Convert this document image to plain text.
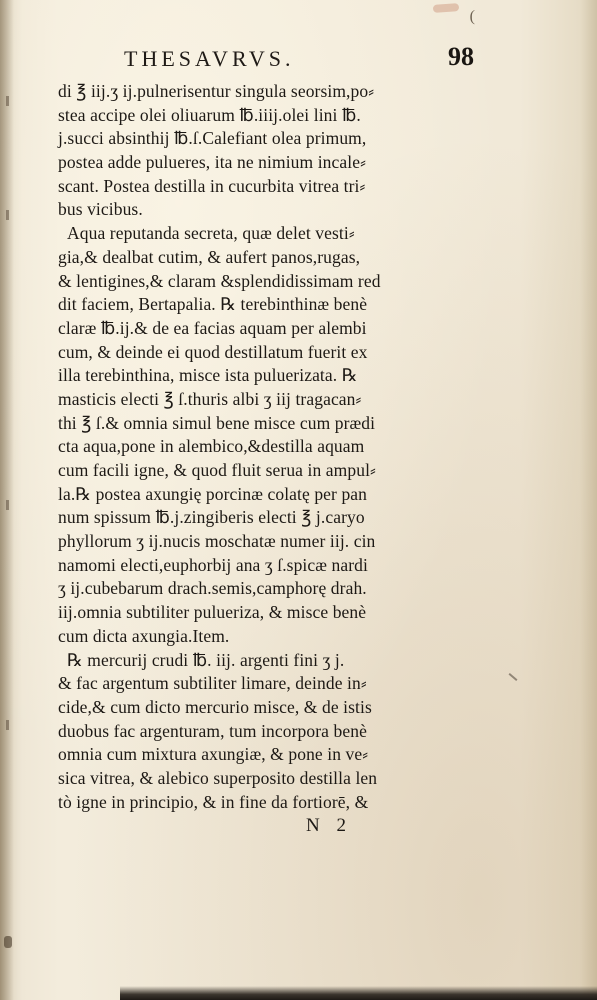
(
THESAVRVS.	98
di ℥ iij.ʒ ij.pulnerisentur singula seorsim,po⸗
stea accipe olei oliuarum ℔.iiij.olei lini ℔.
j.succi absinthij ℔.ſ.Calefiant olea primum,
postea adde pulueres, ita ne nimium incale⸗
scant. Postea destilla in cucurbita vitrea tri⸗
bus vicibus.
Aqua reputanda secreta, quæ delet vesti⸗
gia,& dealbat cutim, & aufert panos,rugas,
& lentigines,& claram &splendidissimam red
dit faciem, Bertapalia. ℞ terebinthinæ benè
claræ ℔.ij.& de ea facias aquam per alembi
cum, & deinde ei quod destillatum fuerit ex
illa terebinthina, misce ista puluerizata. ℞
masticis electi ℥ ſ.thuris albi ʒ iij tragacan⸗
thi ℥ ſ.& omnia simul bene misce cum prædi
cta aqua,pone in alembico,&destilla aquam
cum facili igne, & quod fluit serua in ampul⸗
la.℞ postea axungię porcinæ colatę per pan
num spissum ℔.j.zingiberis electi ℥ j.caryo
phyllorum ʒ ij.nucis moschatæ numer iij. cin
namomi electi,euphorbij ana ʒ ſ.spicæ nardi
ʒ ij.cubebarum drach.semis,camphorę drah.
iij.omnia subtiliter pulueriza, & misce benè
cum dicta axungia.Item.
℞ mercurij crudi ℔. iij. argenti fini ʒ j.
& fac argentum subtiliter limare, deinde in⸗
cide,& cum dicto mercurio misce, & de istis
duobus fac argenturam, tum incorpora benè
omnia cum mixtura axungiæ, & pone in ve⸗
sica vitrea, & alebico superposito destilla len
tò igne in principio, & in fine da fortiorē, &
N 2
